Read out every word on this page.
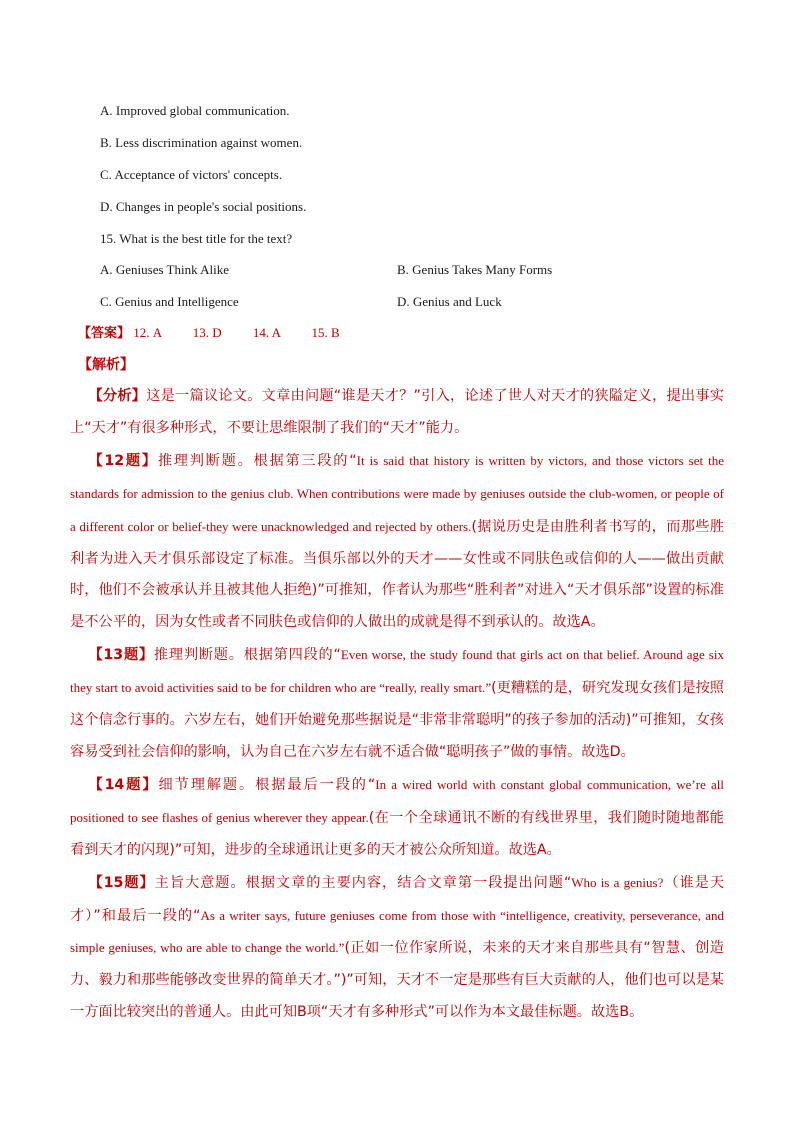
A. Improved global communication.
B. Less discrimination against women.
C. Acceptance of victors' concepts.
D. Changes in people's social positions.
15. What is the best title for the text?
A. Geniuses Think Alike	B. Genius Takes Many Forms
C. Genius and Intelligence	D. Genius and Luck
【答案】 12. A 13. D 14. A 15. B
【解析】

【分析】这是一篇议论文。文章由问题“谁是天才？”引入，论述了世人对天才的狭隘定义，提出事实上“天才”有很多种形式，不要让思维限制了我们的“天才”能力。

【12题】推理判断题。根据第三段的“It is said that history is written by victors, and those victors set the standards for admission to the genius club. When contributions were made by geniuses outside the club-women, or people of a different color or belief-they were unacknowledged and rejected by others.(据说历史是由胜利者书写的，而那些胜利者为进入天才俱乐部设定了标准。当俱乐部以外的天才——女性或不同肤色或信仰的人——做出贡献时，他们不会被承认并且被其他人拒绝)”可推知，作者认为那些“胜利者”对进入“天才俱乐部”设置的标准是不公平的，因为女性或者不同肤色或信仰的人做出的成就是得不到承认的。故选A。

【13题】推理判断题。根据第四段的“Even worse, the study found that girls act on that belief. Around age six they start to avoid activities said to be for children who are “really, really smart.”(更糟糕的是，研究发现女孩们是按照这个信念行事的。六岁左右，她们开始避免那些据说是“非常非常聪明”的孩子参加的活动)”可推知，女孩容易受到社会信仰的影响，认为自己在六岁左右就不适合做“聪明孩子”做的事情。故选D。

【14题】细节理解题。根据最后一段的“In a wired world with constant global communication, we’re all positioned to see flashes of genius wherever they appear.(在一个全球通讯不断的有线世界里，我们随时随地都能看到天才的闪现)”可知，进步的全球通讯让更多的天才被公众所知道。故选A。

【15题】主旨大意题。根据文章的主要内容，结合文章第一段提出问题“Who is a genius?（谁是天才）”和最后一段的“As a writer says, future geniuses come from those with “intelligence, creativity, perseverance, and simple geniuses, who are able to change the world.”(正如一位作家所说，未来的天才来自那些具有“智慧、创造力、毅力和那些能够改变世界的简单天才。”)”可知，天才不一定是那些有巨大贡献的人，他们也可以是某一方面比较突出的普通人。由此可知B项“天才有多种形式”可以作为本文最佳标题。故选B。
